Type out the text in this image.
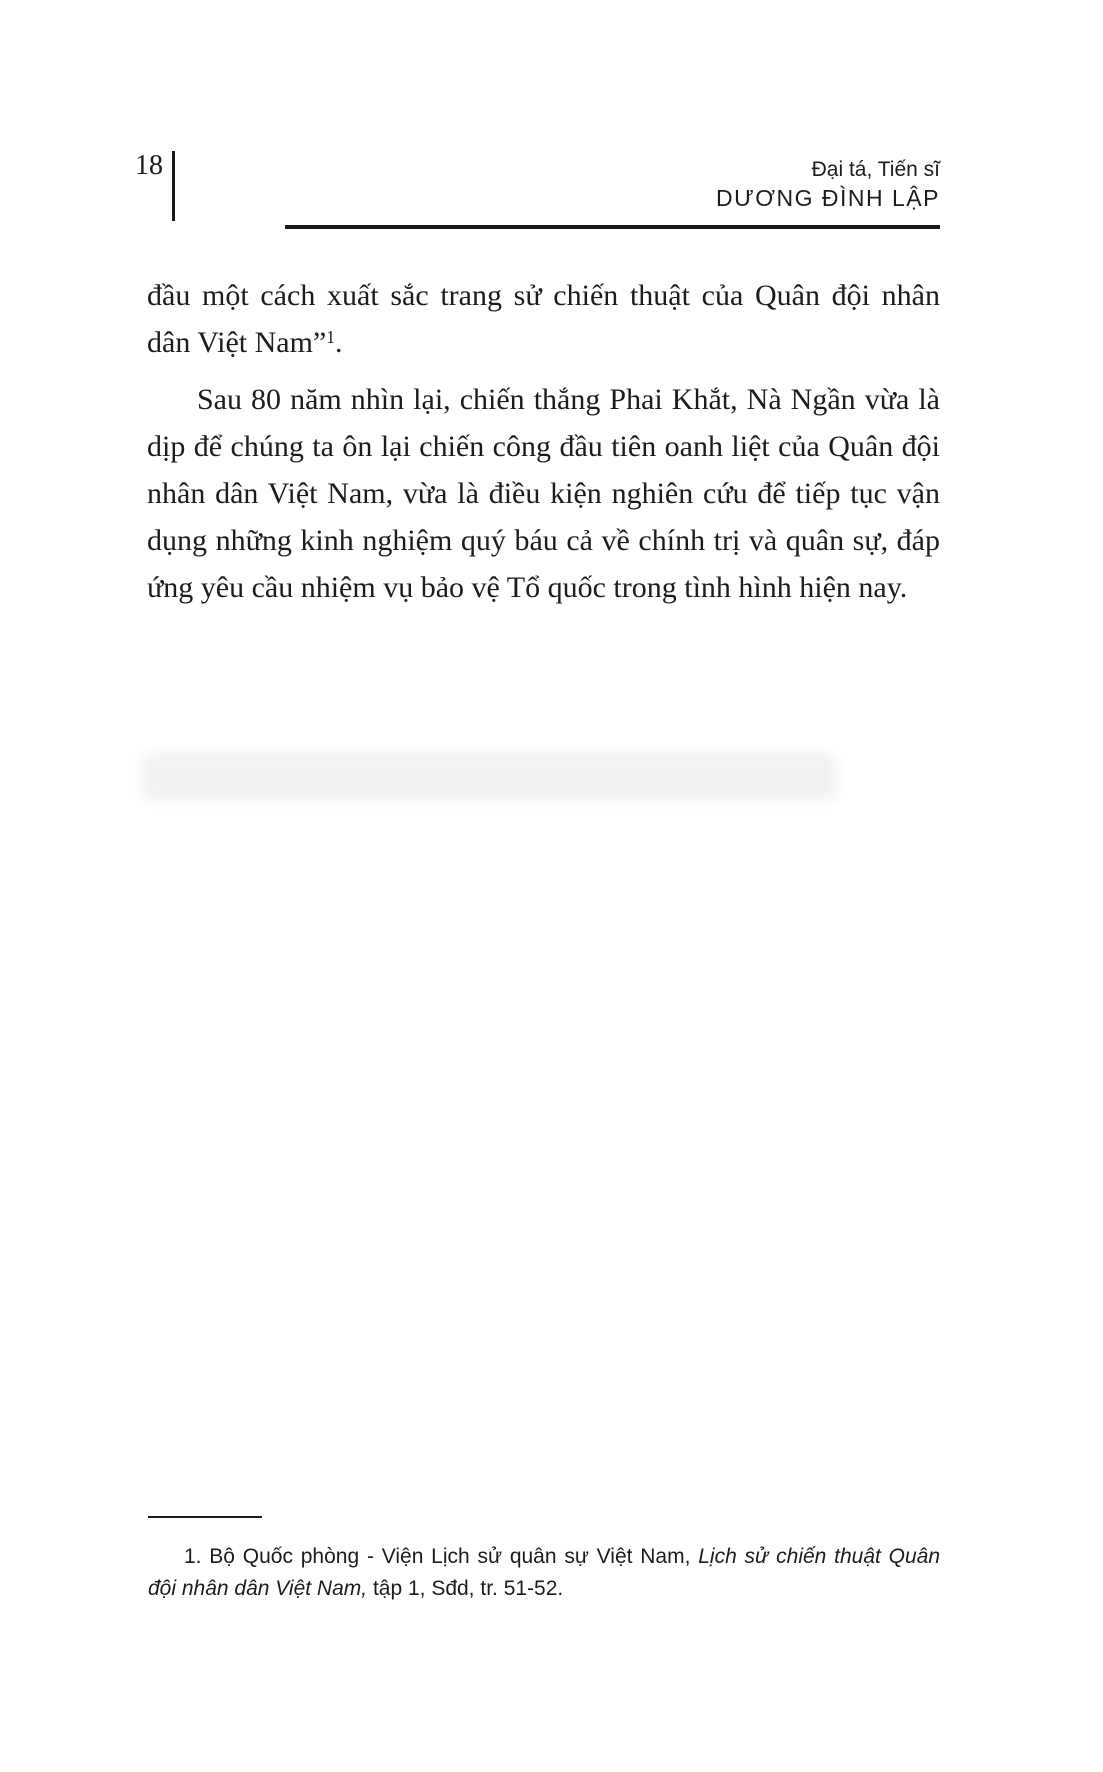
18	Đại tá, Tiến sĩ
DƯƠNG ĐÌNH LẬP

đầu một cách xuất sắc trang sử chiến thuật của Quân đội nhân dân Việt Nam”$^1$.

Sau 80 năm nhìn lại, chiến thắng Phai Khắt, Nà Ngần vừa là dịp để chúng ta ôn lại chiến công đầu tiên oanh liệt của Quân đội nhân dân Việt Nam, vừa là điều kiện nghiên cứu để tiếp tục vận dụng những kinh nghiệm quý báu cả về chính trị và quân sự, đáp ứng yêu cầu nhiệm vụ bảo vệ Tổ quốc trong tình hình hiện nay.

1. Bộ Quốc phòng - Viện Lịch sử quân sự Việt Nam, Lịch sử chiến thuật Quân đội nhân dân Việt Nam, tập 1, Sđd, tr. 51-52.
